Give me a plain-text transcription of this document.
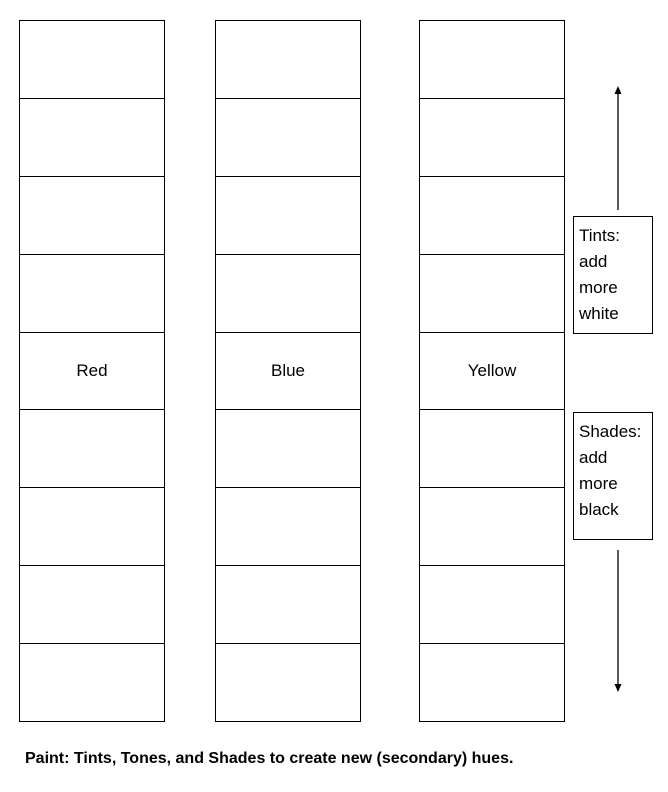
Red	Blue	Yellow
Tints:
add
more
white
Shades:
add
more
black
Paint: Tints, Tones, and Shades to create new (secondary) hues.
